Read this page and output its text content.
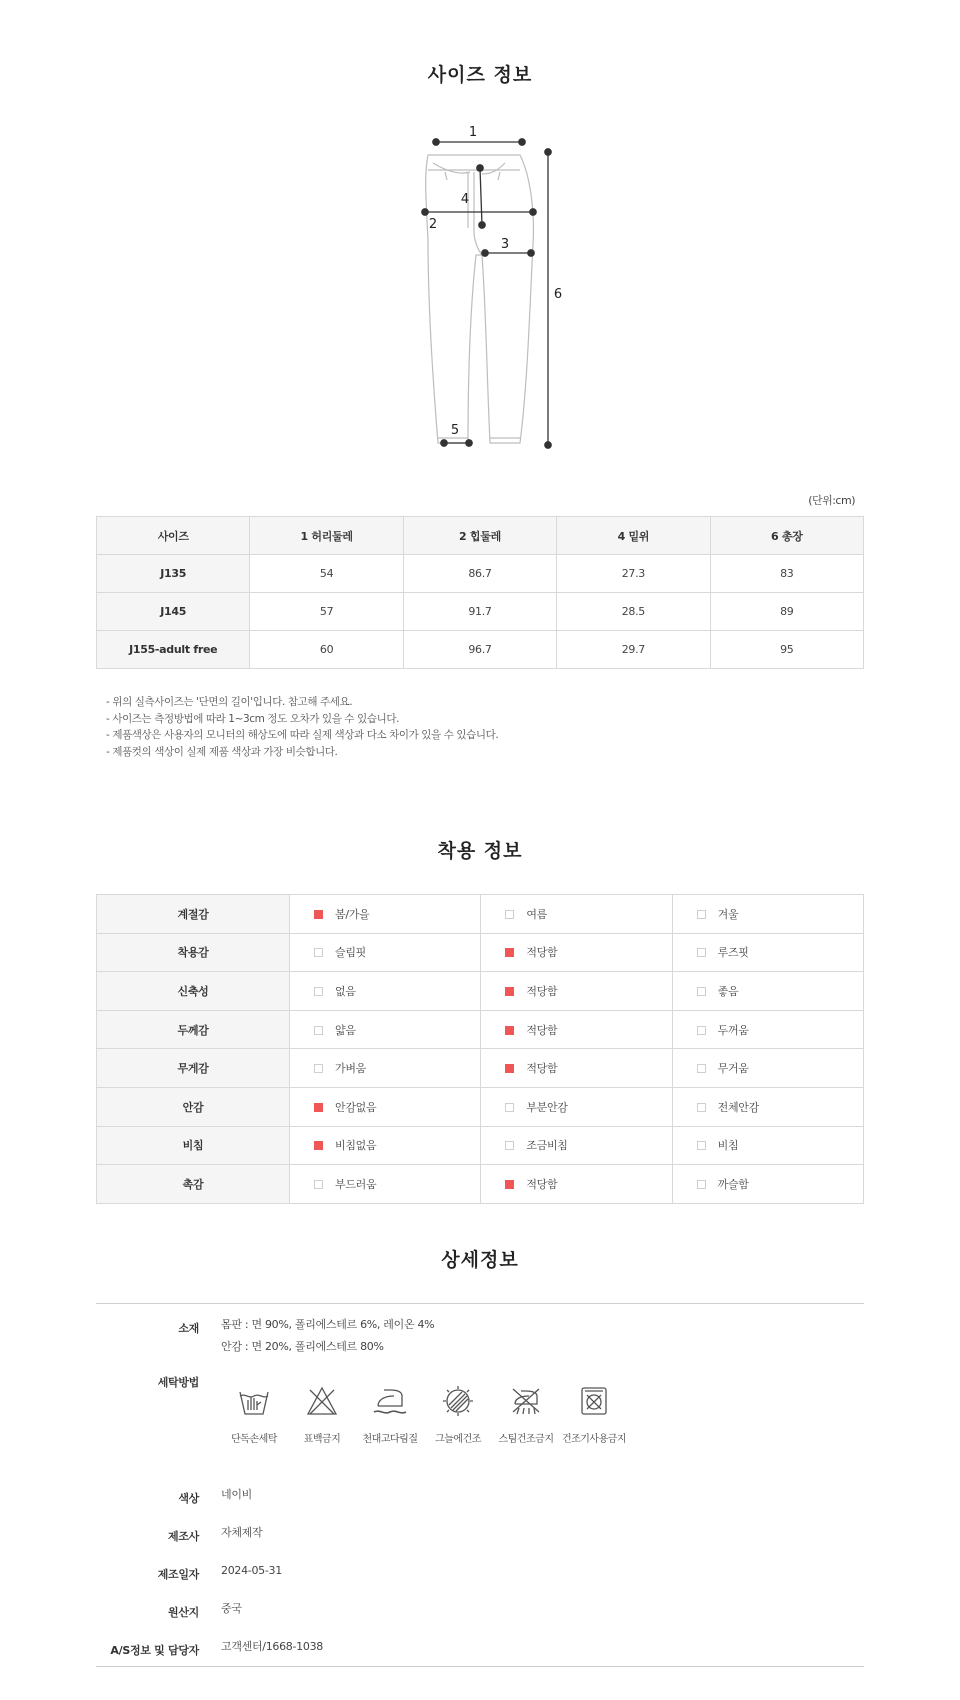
사이즈 정보
1
2
3
4
5
6
(단위:cm)
사이즈	1 허리둘레	2 힙둘레	4 밑위	6 총장
J135	54	86.7	27.3	83
J145	57	91.7	28.5	89
J155-adult free	60	96.7	29.7	95
- 위의 실측사이즈는 '단면의 길이'입니다. 참고해 주세요.
- 사이즈는 측정방법에 따라 1~3cm 정도 오차가 있을 수 있습니다.
- 제품색상은 사용자의 모니터의 해상도에 따라 실제 색상과 다소 차이가 있을 수 있습니다.
- 제품컷의 색상이 실제 제품 색상과 가장 비슷합니다.
착용 정보
계절감	봄/가을	여름	겨울
착용감	슬림핏	적당함	루즈핏
신축성	없음	적당함	좋음
두께감	얇음	적당함	두꺼움
무게감	가벼움	적당함	무거움
안감	안감없음	부분안감	전체안감
비침	비침없음	조금비침	비침
촉감	부드러움	적당함	까슬함
상세정보
소재 몸판 : 면 90%, 폴리에스테르 6%, 레이온 4%
안감 : 면 20%, 폴리에스테르 80%
세탁방법
단독손세탁	표백금지	천대고다림질	그늘에건조	스팀건조금지 건조기사용금지
색상 네이비
제조사 자체제작
제조일자 2024-05-31
원산지 중국
A/S정보 및 담당자 고객센터/1668-1038
